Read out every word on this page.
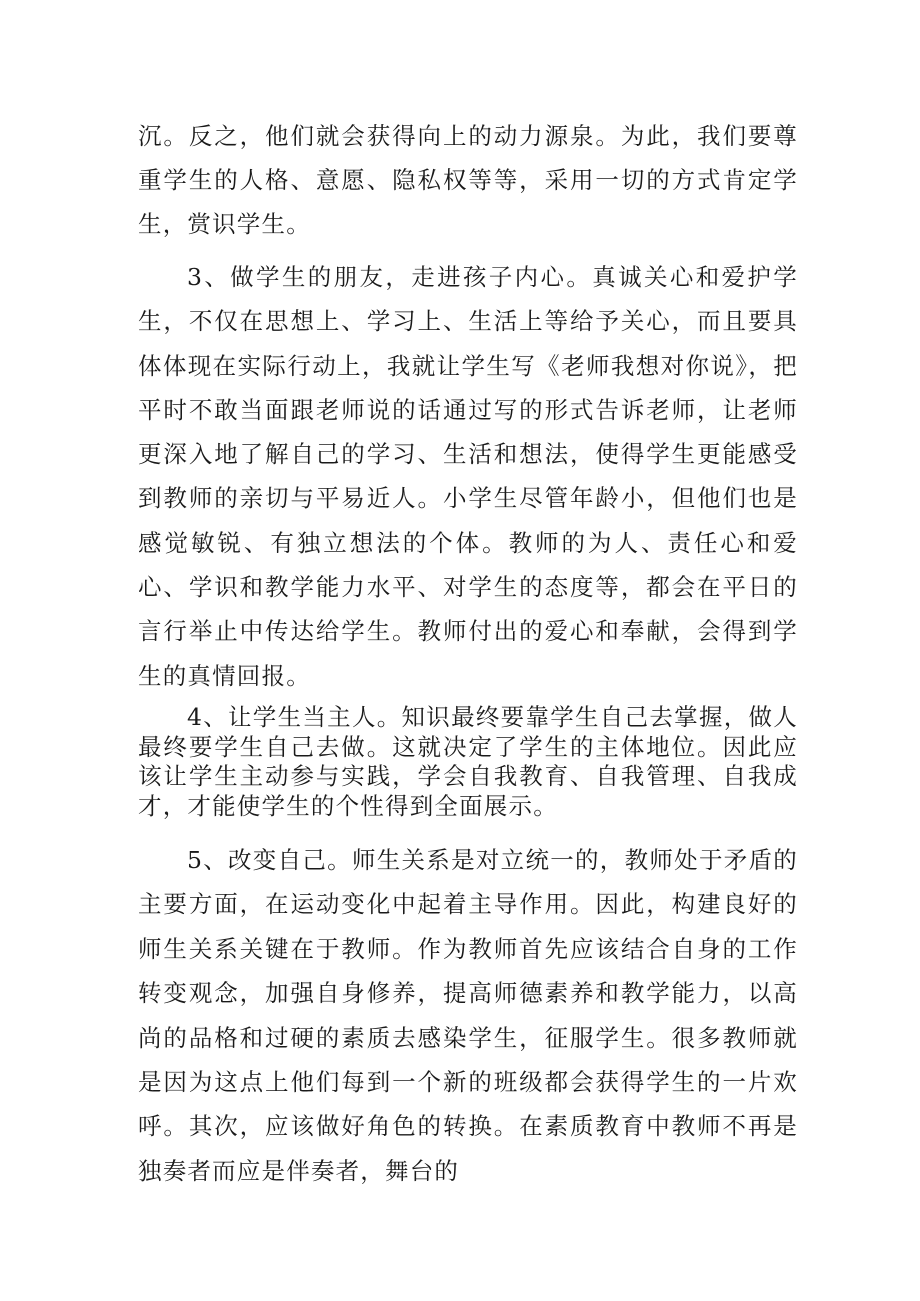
沉。反之，他们就会获得向上的动力源泉。为此，我们要尊重学生的人格、意愿、隐私权等等，采用一切的方式肯定学生，赏识学生。

3、做学生的朋友，走进孩子内心。真诚关心和爱护学生，不仅在思想上、学习上、生活上等给予关心，而且要具体体现在实际行动上，我就让学生写《老师我想对你说》，把平时不敢当面跟老师说的话通过写的形式告诉老师，让老师更深入地了解自己的学习、生活和想法，使得学生更能感受到教师的亲切与平易近人。小学生尽管年龄小，但他们也是感觉敏锐、有独立想法的个体。教师的为人、责任心和爱心、学识和教学能力水平、对学生的态度等，都会在平日的言行举止中传达给学生。教师付出的爱心和奉献，会得到学生的真情回报。

4、让学生当主人。知识最终要靠学生自己去掌握，做人最终要学生自己去做。这就决定了学生的主体地位。因此应该让学生主动参与实践，学会自我教育、自我管理、自我成才，才能使学生的个性得到全面展示。

5、改变自己。师生关系是对立统一的，教师处于矛盾的主要方面，在运动变化中起着主导作用。因此，构建良好的师生关系关键在于教师。作为教师首先应该结合自身的工作转变观念，加强自身修养，提高师德素养和教学能力，以高尚的品格和过硬的素质去感染学生，征服学生。很多教师就是因为这点上他们每到一个新的班级都会获得学生的一片欢呼。其次，应该做好角色的转换。在素质教育中教师不再是独奏者而应是伴奏者，舞台的
